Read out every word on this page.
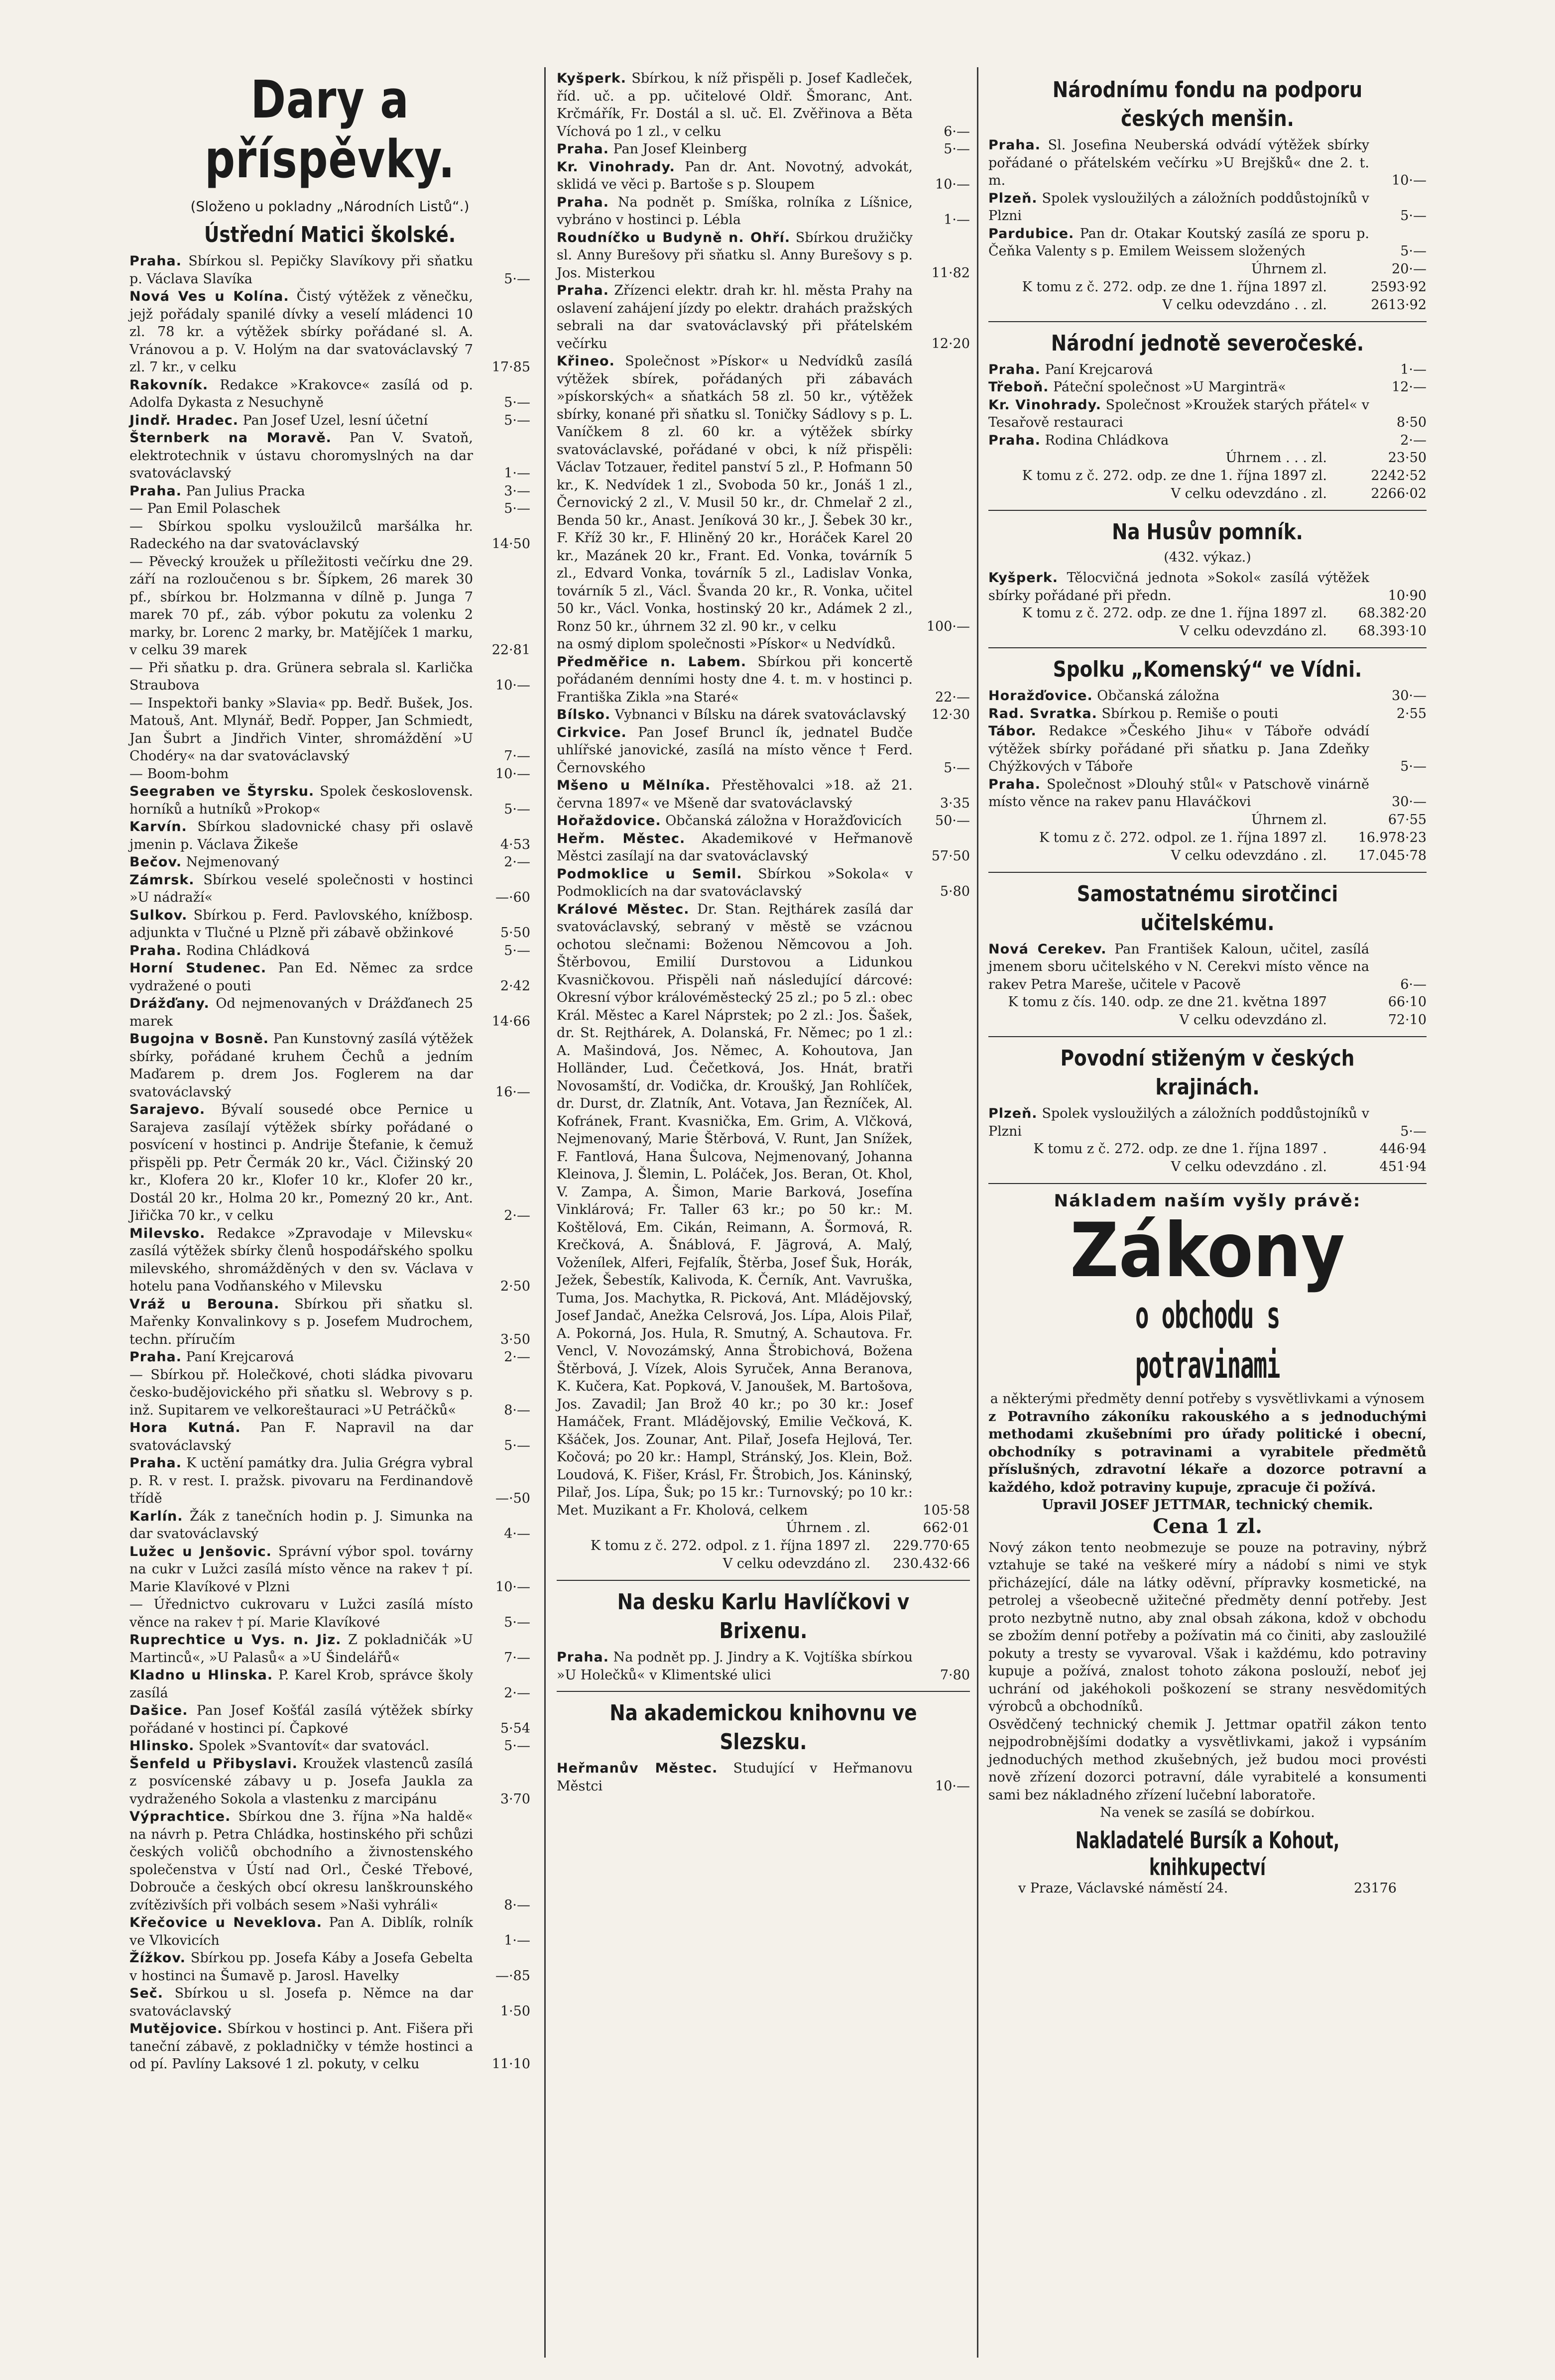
Dary a příspěvky.
(Složeno u pokladny „Národních Listů“.)
Ústřední Matici školské.

Praha. Sbírkou sl. Pepičky Slavíkovy při sňatku p. Václava Slavíka	5·—

Nová Ves u Kolína. Čistý výtěžek z věnečku, jejž pořádaly spanilé dívky a veselí mládenci 10 zl. 78 kr. a výtěžek sbírky pořádané sl. A. Vránovou a p. V. Holým na dar svatováclavský 7 zl. 7 kr., v celku	17·85

Rakovník. Redakce »Krakovce« zasílá od p. Adolfa Dykasta z Nesuchyně	5·—

Jindř. Hradec. Pan Josef Uzel, lesní účetní	5·—

Šternberk na Moravě. Pan V. Svatoň, elektrotechnik v ústavu choromyslných na dar svatováclavský	1·—

Praha. Pan Julius Pracka	3·—

— Pan Emil Polaschek	5·—

— Sbírkou spolku vysloužilců maršálka hr. Radeckého na dar svatováclavský	14·50

— Pěvecký kroužek u příležitosti večírku dne 29. září na rozloučenou s br. Šípkem, 26 marek 30 pf., sbírkou br. Holzmanna v dílně p. Junga 7 marek 70 pf., záb. výbor pokutu za volenku 2 marky, br. Lorenc 2 marky, br. Matějíček 1 marku, v celku 39 marek	22·81

— Při sňatku p. dra. Grünera sebrala sl. Karlička Straubova	10·—

— Inspektoři banky »Slavia« pp. Bedř. Bušek, Jos. Matouš, Ant. Mlynář, Bedř. Popper, Jan Schmiedt, Jan Šubrt a Jindřich Vinter, shromáždění »U Chodéry« na dar svatováclavský	7·—

— Boom-bohm	10·—

Seegraben ve Štyrsku. Spolek československ. horníků a hutníků »Prokop«	5·—

Karvín. Sbírkou sladovnické chasy při oslavě jmenin p. Václava Žikeše	4·53

Bečov. Nejmenovaný	2·—

Zámrsk. Sbírkou veselé společnosti v hostinci »U nádraží«	—·60

Sulkov. Sbírkou p. Ferd. Pavlovského, knížbosp. adjunkta v Tlučné u Plzně při zábavě obžinkové	5·50

Praha. Rodina Chládková	5·—

Horní Studenec. Pan Ed. Němec za srdce vydražené o pouti	2·42

Drážďany. Od nejmenovaných v Drážďanech 25 marek	14·66

Bugojna v Bosně. Pan Kunstovný zasílá výtěžek sbírky, pořádané kruhem Čechů a jedním Maďarem p. drem Jos. Foglerem na dar svatováclavský	16·—

Sarajevo. Bývalí sousedé obce Pernice u Sarajeva zasílají výtěžek sbírky pořádané o posvícení v hostinci p. Andrije Štefanie, k čemuž přispěli pp. Petr Čermák 20 kr., Václ. Čižinský 20 kr., Klofera 20 kr., Klofer 10 kr., Klofer 20 kr., Dostál 20 kr., Holma 20 kr., Pomezný 20 kr., Ant. Jiřička 70 kr., v celku	2·—

Milevsko. Redakce »Zpravodaje v Milevsku« zasílá výtěžek sbírky členů hospodářského spolku milevského, shromážděných v den sv. Václava v hotelu pana Vodňanského v Milevsku	2·50

Vráž u Berouna. Sbírkou při sňatku sl. Mařenky Konvalinkovy s p. Josefem Mudrochem, techn. příručím	3·50

Praha. Paní Krejcarová	2·—

— Sbírkou př. Holečkové, choti sládka pivovaru česko-budějovického při sňatku sl. Webrovy s p. inž. Supitarem ve velkoreštauraci »U Petráčků«	8·—

Hora Kutná. Pan F. Napravil na dar svatováclavský	5·—

Praha. K uctění památky dra. Julia Grégra vybral p. R. v rest. I. pražsk. pivovaru na Ferdinandově třídě	—·50

Karlín. Žák z tanečních hodin p. J. Simunka na dar svatováclavský	4·—

Lužec u Jenšovic. Správní výbor spol. továrny na cukr v Lužci zasílá místo věnce na rakev † pí. Marie Klavíkové v Plzni	10·—

— Úřednictvo cukrovaru v Lužci zasílá místo věnce na rakev † pí. Marie Klavíkové	5·—

Ruprechtice u Vys. n. Jiz. Z pokladničák »U Martinců«, »U Palasů« a »U Šindelářů«	7·—

Kladno u Hlinska. P. Karel Krob, správce školy zasílá	2·—

Dašice. Pan Josef Košťál zasílá výtěžek sbírky pořádané v hostinci pí. Čapkové	5·54

Hlinsko. Spolek »Svantovít« dar svatovácl.	5·—

Šenfeld u Přibyslavi. Kroužek vlastenců zasílá z posvícenské zábavy u p. Josefa Jaukla za vydraženého Sokola a vlastenku z marcipánu	3·70

Výprachtice. Sbírkou dne 3. října »Na haldě« na návrh p. Petra Chládka, hostinského při schůzi českých voličů obchodního a živnostenského společenstva v Ústí nad Orl., České Třebové, Dobrouče a českých obcí okresu lanškrounského zvítězivších při volbách sesem »Naši vyhráli«	8·—

Křečovice u Neveklova. Pan A. Diblík, rolník ve Vlkovicích	1·—

Žížkov. Sbírkou pp. Josefa Káby a Josefa Gebelta v hostinci na Šumavě p. Jarosl. Havelky	—·85

Seč. Sbírkou u sl. Josefa p. Němce na dar svatováclavský	1·50

Mutějovice. Sbírkou v hostinci p. Ant. Fišera při taneční zábavě, z pokladničky v témže hostinci a od pí. Pavlíny Laksové 1 zl. pokuty, v celku	11·10

Kyšperk. Sbírkou, k níž přispěli p. Josef Kadleček, říd. uč. a pp. učitelové Oldř. Šmoranc, Ant. Krčmářík, Fr. Dostál a sl. uč. El. Zvěřinova a Běta Víchová po 1 zl., v celku	6·—

Praha. Pan Josef Kleinberg	5·—

Kr. Vinohrady. Pan dr. Ant. Novotný, advokát, sklidá ve věci p. Bartoše s p. Sloupem	10·—

Praha. Na podnět p. Smíška, rolníka z Líšnice, vybráno v hostinci p. Lébla	1·—

Roudníčko u Budyně n. Ohří. Sbírkou družičky sl. Anny Burešovy při sňatku sl. Anny Burešovy s p. Jos. Misterkou	11·82

Praha. Zřízenci elektr. drah kr. hl. města Prahy na oslavení zahájení jízdy po elektr. drahách pražských sebrali na dar svatováclavský při přátelském večírku	12·20

Křineo. Společnost »Pískor« u Nedvídků zasílá výtěžek sbírek, pořádaných při zábavách »pískorských« a sňatkách 58 zl. 50 kr., výtěžek sbírky, konané při sňatku sl. Toničky Sádlovy s p. L. Vaníčkem 8 zl. 60 kr. a výtěžek sbírky svatováclavské, pořádané v obci, k níž přispěli: Václav Totzauer, ředitel panství 5 zl., P. Hofmann 50 kr., K. Nedvídek 1 zl., Svoboda 50 kr., Jonáš 1 zl., Černovický 2 zl., V. Musil 50 kr., dr. Chmelař 2 zl., Benda 50 kr., Anast. Jeníková 30 kr., J. Šebek 30 kr., F. Kříž 30 kr., F. Hliněný 20 kr., Horáček Karel 20 kr., Mazánek 20 kr., Frant. Ed. Vonka, továrník 5 zl., Edvard Vonka, továrník 5 zl., Ladislav Vonka, továrník 5 zl., Václ. Švanda 20 kr., R. Vonka, učitel 50 kr., Václ. Vonka, hostinský 20 kr., Adámek 2 zl., Ronz 50 kr., úhrnem 32 zl. 90 kr., v celku	100·—

na osmý diplom společnosti »Pískor« u Nedvídků.

Předměřice n. Labem. Sbírkou při koncertě pořádaném denními hosty dne 4. t. m. v hostinci p. Františka Zikla »na Staré«	22·—

Bílsko. Vybnanci v Bílsku na dárek svatováclavský	12·30

Cirkvice. Pan Josef Bruncl ík, jednatel Budče uhlířské janovické, zasílá na místo věnce † Ferd. Černovského	5·—

Mšeno u Mělníka. Přestěhovalci »18. až 21. června 1897« ve Mšeně dar svatováclavský	3·35

Hořaždovice. Občanská záložna v Horažďovicích	50·—

Heřm. Městec. Akademikové v Heřmanově Městci zasílají na dar svatováclavský	57·50

Podmoklice u Semil. Sbírkou »Sokola« v Podmoklicích na dar svatováclavský	5·80

Králové Městec. Dr. Stan. Rejthárek zasílá dar svatováclavský, sebraný v městě se vzácnou ochotou slečnami: Boženou Němcovou a Joh. Štěrbovou, Emilií Durstovou a Lidunkou Kvasničkovou. Přispěli naň následující dárcové: Okresní výbor královéměstecký 25 zl.; po 5 zl.: obec Král. Městec a Karel Náprstek; po 2 zl.: Jos. Šašek, dr. St. Rejthárek, A. Dolanská, Fr. Němec; po 1 zl.: A. Mašindová, Jos. Němec, A. Kohoutova, Jan Holländer, Lud. Čečetková, Jos. Hnát, bratři Novosamští, dr. Vodička, dr. Kroušký, Jan Rohlíček, dr. Durst, dr. Zlatník, Ant. Votava, Jan Řezníček, Al. Kofránek, Frant. Kvasnička, Em. Grim, A. Vlčková, Nejmenovaný, Marie Štěrbová, V. Runt, Jan Snížek, F. Fantlová, Hana Šulcova, Nejmenovaný, Johanna Kleinova, J. Šlemin, L. Poláček, Jos. Beran, Ot. Khol, V. Zampa, A. Šimon, Marie Barková, Josefína Vinklárová; Fr. Taller 63 kr.; po 50 kr.: M. Koštělová, Em. Cikán, Reimann, A. Šormová, R. Krečková, A. Šnáblová, F. Jägrová, A. Malý, Voženílek, Alferi, Fejfalík, Štěrba, Josef Šuk, Horák, Ježek, Šebestík, Kalivoda, K. Černík, Ant. Vavruška, Tuma, Jos. Machytka, R. Picková, Ant. Mládějovský, Josef Jandač, Anežka Celsrová, Jos. Lípa, Alois Pilař, A. Pokorná, Jos. Hula, R. Smutný, A. Schautova. Fr. Vencl, V. Novozámský, Anna Štrobichová, Božena Štěrbová, J. Vízek, Alois Syruček, Anna Beranova, K. Kučera, Kat. Popková, V. Janoušek, M. Bartošova, Jos. Zavadil; Jan Brož 40 kr.; po 30 kr.: Josef Hamáček, Frant. Mládějovský, Emilie Večková, K. Kšáček, Jos. Zounar, Ant. Pilař, Josefa Hejlová, Ter. Kočová; po 20 kr.: Hampl, Stránský, Jos. Klein, Bož. Loudová, K. Fišer, Krásl, Fr. Štrobich, Jos. Káninský, Pilař, Jos. Lípa, Šuk; po 15 kr.: Turnovský; po 10 kr.: Met. Muzikant a Fr. Kholová, celkem	105·58

Úhrnem . zl.	662·01
K tomu z č. 272. odpol. z 1. října 1897 zl.	229.770·65
V celku odevzdáno zl.	230.432·66
Na desku Karlu Havlíčkovi v Brixenu.

Praha. Na podnět pp. J. Jindry a K. Vojtíška sbírkou »U Holečků« v Klimentské ulici	7·80

Na akademickou knihovnu ve Slezsku.

Heřmanův Městec. Studující v Heřmanovu Městci	10·—

Národnímu fondu na podporu českých menšin.

Praha. Sl. Josefina Neuberská odvádí výtěžek sbírky pořádané o přátelském večírku »U Brejšků« dne 2. t. m.	10·—

Plzeň. Spolek vysloužilých a záložních poddůstojníků v Plzni	5·—

Pardubice. Pan dr. Otakar Koutský zasílá ze sporu p. Čeňka Valenty s p. Emilem Weissem složených	5·—

Úhrnem zl.	20·—
K tomu z č. 272. odp. ze dne 1. října 1897 zl.	2593·92
V celku odevzdáno . . zl.	2613·92
Národní jednotě severočeské.

Praha. Paní Krejcarová	1·—

Třeboň. Páteční společnost »U Marginträ«	12·—

Kr. Vinohrady. Společnost »Kroužek starých přátel« v Tesařově restauraci	8·50

Praha. Rodina Chládkova	2·—

Úhrnem . . . zl.	23·50
K tomu z č. 272. odp. ze dne 1. října 1897 zl.	2242·52
V celku odevzdáno . zl.	2266·02
Na Husův pomník.
(432. výkaz.)

Kyšperk. Tělocvičná jednota »Sokol« zasílá výtěžek sbírky pořádané při předn.	10·90

K tomu z č. 272. odp. ze dne 1. října 1897 zl.	68.382·20
V celku odevzdáno zl.	68.393·10
Spolku „Komenský“ ve Vídni.

Horažďovice. Občanská záložna	30·—

Rad. Svratka. Sbírkou p. Remiše o pouti	2·55

Tábor. Redakce »Českého Jihu« v Táboře odvádí výtěžek sbírky pořádané při sňatku p. Jana Zdeňky Chýžkových v Táboře	5·—

Praha. Společnost »Dlouhý stůl« v Patschově vinárně místo věnce na rakev panu Hlaváčkovi	30·—

Úhrnem zl.	67·55
K tomu z č. 272. odpol. ze 1. října 1897 zl.	16.978·23
V celku odevzdáno . zl.	17.045·78
Samostatnému sirotčinci učitelskému.

Nová Cerekev. Pan František Kaloun, učitel, zasílá jmenem sboru učitelského v N. Cerekvi místo věnce na rakev Petra Mareše, učitele v Pacově	6·—

K tomu z čís. 140. odp. ze dne 21. května 1897	66·10
V celku odevzdáno zl.	72·10
Povodní stiženým v českých krajinách.

Plzeň. Spolek vysloužilých a záložních poddůstojníků v Plzni	5·—

K tomu z č. 272. odp. ze dne 1. října 1897 .	446·94
V celku odevzdáno . zl.	451·94
Nákladem naším vyšly právě:
Zákony
o obchodu s potravinami

a některými předměty denní potřeby s vysvětlivkami a výnosem

z Potravního zákoníku rakouského a s jednoduchými methodami zkušebními pro úřady politické i obecní, obchodníky s potravinami a vyrabitele předmětů příslušných, zdravotní lékaře a dozorce potravní a každého, kdož potraviny kupuje, zpracuje či požívá.

Upravil JOSEF JETTMAR, technický chemik.

Cena 1 zl.

Nový zákon tento neobmezuje se pouze na potraviny, nýbrž vztahuje se také na veškeré míry a nádobí s nimi ve styk přicházející, dále na látky oděvní, přípravky kosmetické, na petrolej a všeobecně užitečné předměty denní potřeby. Jest proto nezbytně nutno, aby znal obsah zákona, kdož v obchodu se zbožím denní potřeby a požívatin má co činiti, aby zasloužilé pokuty a tresty se vyvaroval. Však i každému, kdo potraviny kupuje a požívá, znalost tohoto zákona poslouží, neboť jej uchrání od jakéhokoli poškození se strany nesvědomitých výrobců a obchodníků.

Osvědčený technický chemik J. Jettmar opatřil zákon tento nejpodrobnějšími dodatky a vysvětlivkami, jakož i vypsáním jednoduchých method zkušebných, jež budou moci provésti nově zřízení dozorci potravní, dále vyrabitelé a konsumenti sami bez nákladného zřízení lučební laboratoře.

Na venek se zasílá se dobírkou.

Nakladatelé Bursík a Kohout, knihkupectví
v Praze, Václavské náměstí 24.	23176
